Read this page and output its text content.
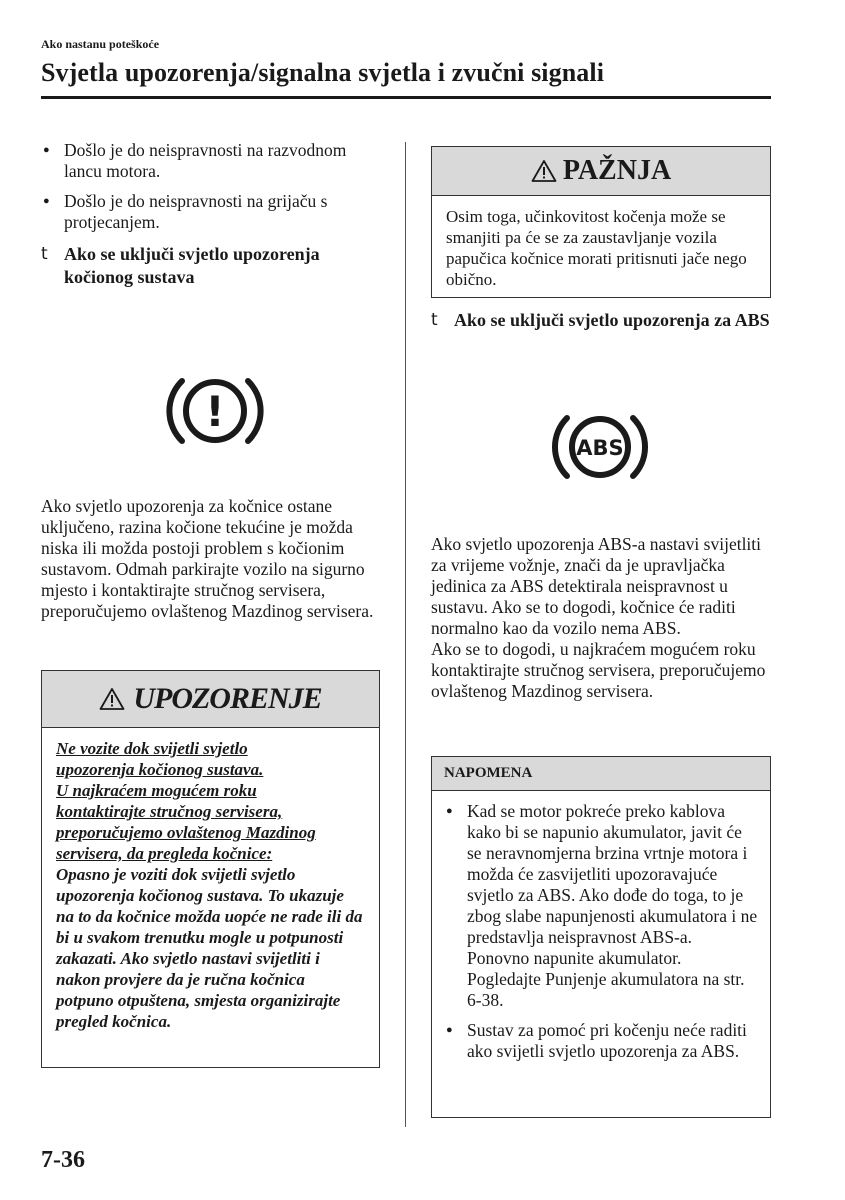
Ako nastanu poteškoće
Svjetla upozorenja/signalna svjetla i zvučni signali
● Došlo je do neispravnosti na razvodnom lancu motora.
● Došlo je do neispravnosti na grijaču s protjecanjem.
t Ako se uključi svjetlo upozorenja kočionog sustava
!
Ako svjetlo upozorenja za kočnice ostane uključeno, razina kočione tekućine je možda niska ili možda postoji problem s kočionim sustavom. Odmah parkirajte vozilo na sigurno mjesto i kontaktirajte stručnog servisera, preporučujemo ovlaštenog Mazdinog servisera.
UPOZORENJE
Ne vozite dok svijetli svjetlo
upozorenja kočionog sustava.
U najkraćem mogućem roku
kontaktirajte stručnog servisera,
preporučujemo ovlaštenog Mazdinog
servisera, da pregleda kočnice:
Opasno je voziti dok svijetli svjetlo upozorenja kočionog sustava. To ukazuje na to da kočnice možda uopće ne rade ili da bi u svakom trenutku mogle u potpunosti zakazati. Ako svjetlo nastavi svijetliti i nakon provjere da je ručna kočnica potpuno otpuštena, smjesta organizirajte pregled kočnica.
PAŽNJA
Osim toga, učinkovitost kočenja može se smanjiti pa će se za zaustavljanje vozila papučica kočnice morati pritisnuti jače nego obično.
t Ako se uključi svjetlo upozorenja za ABS
ABS
Ako svjetlo upozorenja ABS-a nastavi svijetliti za vrijeme vožnje, znači da je upravljačka jedinica za ABS detektirala neispravnost u sustavu. Ako se to dogodi, kočnice će raditi normalno kao da vozilo nema ABS.
Ako se to dogodi, u najkraćem mogućem roku kontaktirajte stručnog servisera, preporučujemo ovlaštenog Mazdinog servisera.
NAPOMENA
● Kad se motor pokreće preko kablova kako bi se napunio akumulator, javit će se neravnomjerna brzina vrtnje motora i možda će zasvijetliti upozoravajuće svjetlo za ABS. Ako dođe do toga, to je zbog slabe napunjenosti akumulatora i ne predstavlja neispravnost ABS-a. Ponovno napunite akumulator. Pogledajte Punjenje akumulatora na str. 6-38.
● Sustav za pomoć pri kočenju neće raditi ako svijetli svjetlo upozorenja za ABS.
7-36
